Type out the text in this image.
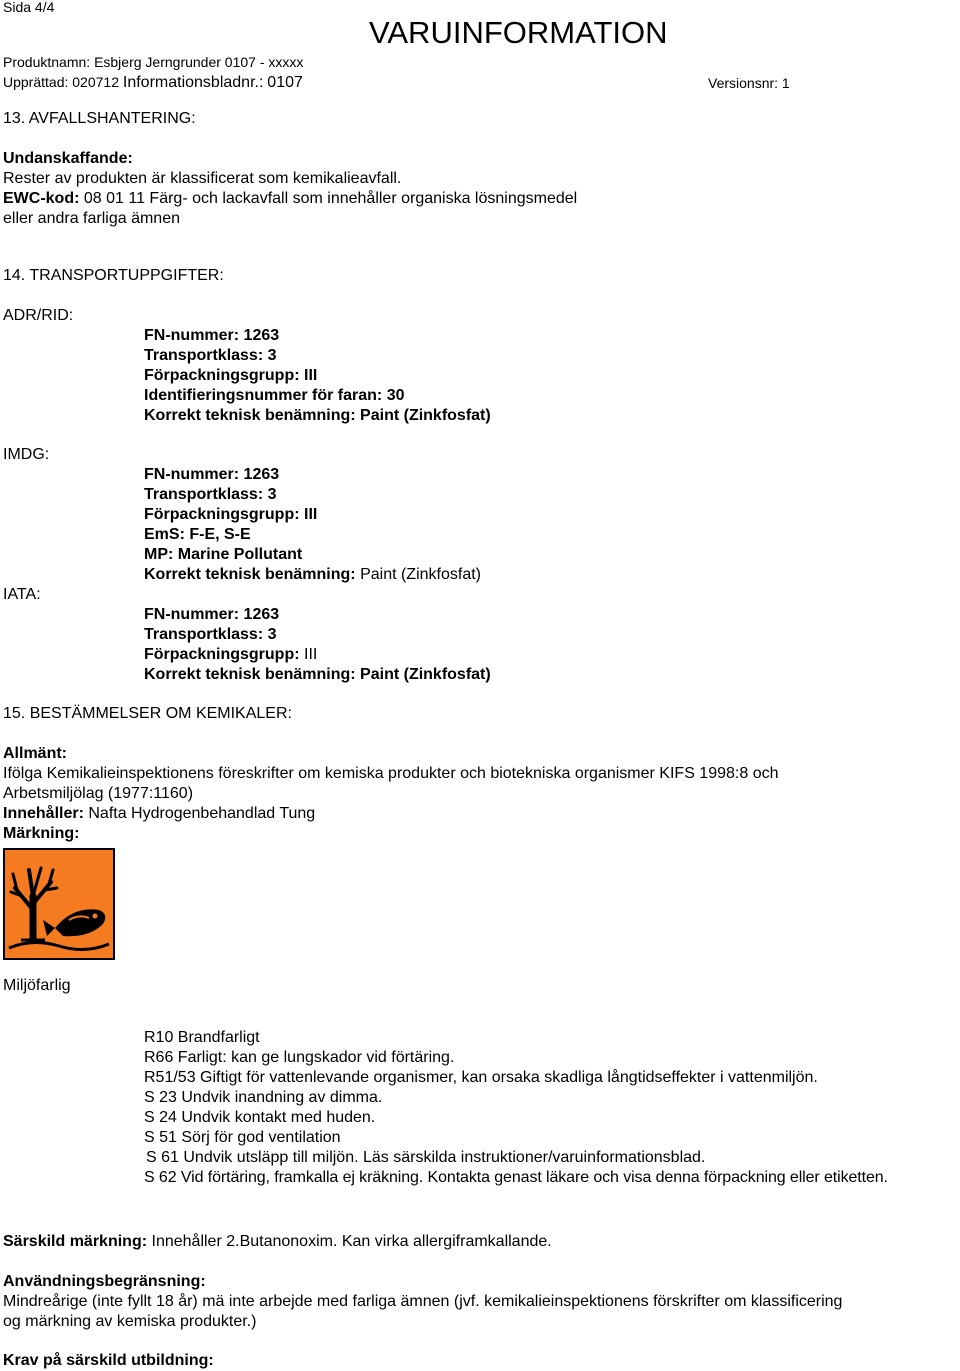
Sida 4/4
VARUINFORMATION
Produktnamn: Esbjerg Jerngrunder 0107 - xxxxx
Upprättad: 020712 Informationsbladnr.: 0107	Versionsnr: 1
13. AVFALLSHANTERING:
Undanskaffande:
Rester av produkten är klassificerat som kemikalieavfall.
EWC-kod: 08 01 11 Färg- och lackavfall som innehåller organiska lösningsmedel
eller andra farliga ämnen
14. TRANSPORTUPPGIFTER:
ADR/RID:
FN-nummer: 1263
Transportklass: 3
Förpackningsgrupp: III
Identifieringsnummer för faran: 30
Korrekt teknisk benämning: Paint (Zinkfosfat)
IMDG:
FN-nummer: 1263
Transportklass: 3
Förpackningsgrupp: III
EmS: F-E, S-E
MP: Marine Pollutant
Korrekt teknisk benämning: Paint (Zinkfosfat)
IATA:
FN-nummer: 1263
Transportklass: 3
Förpackningsgrupp: III
Korrekt teknisk benämning: Paint (Zinkfosfat)
15. BESTÄMMELSER OM KEMIKALER:
Allmänt:
Ifölga Kemikalieinspektionens föreskrifter om kemiska produkter och biotekniska organismer KIFS 1998:8 och
Arbetsmiljölag (1977:1160)
Innehåller: Nafta Hydrogenbehandlad Tung
Märkning:
Miljöfarlig
R10 Brandfarligt
R66 Farligt: kan ge lungskador vid förtäring.
R51/53 Giftigt för vattenlevande organismer, kan orsaka skadliga långtidseffekter i vattenmiljön.
S 23 Undvik inandning av dimma.
S 24 Undvik kontakt med huden.
S 51 Sörj för god ventilation
S 61 Undvik utsläpp till miljön. Läs särskilda instruktioner/varuinformationsblad.
S 62 Vid förtäring, framkalla ej kräkning. Kontakta genast läkare och visa denna förpackning eller etiketten.
Särskild märkning: Innehåller 2.Butanonoxim. Kan virka allergiframkallande.
Användningsbegränsning:
Mindreårige (inte fyllt 18 år) mä inte arbejde med farliga ämnen (jvf. kemikalieinspektionens förskrifter om klassificering
og märkning av kemiska produkter.)
Krav på särskild utbildning:
